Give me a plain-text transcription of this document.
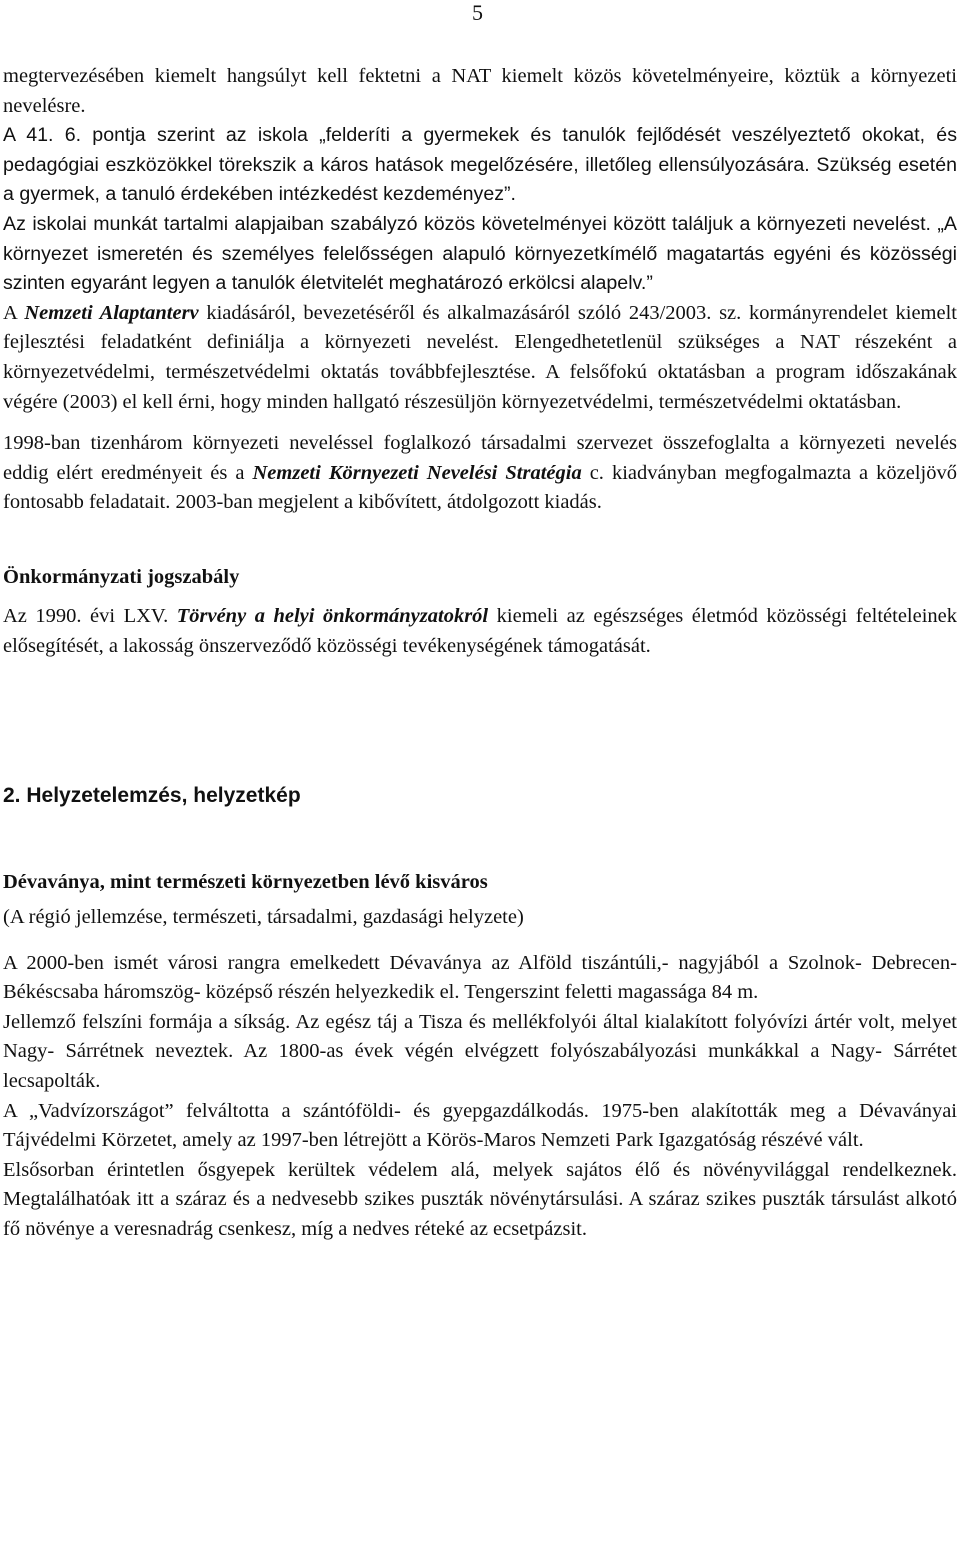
5

megtervezésében kiemelt hangsúlyt kell fektetni a NAT kiemelt közös követelményeire, köztük a környezeti nevelésre.

A 41. 6. pontja szerint az iskola „felderíti a gyermekek és tanulók fejlődését veszélyeztető okokat, és pedagógiai eszközökkel törekszik a káros hatások megelőzésére, illetőleg ellensúlyozására. Szükség esetén a gyermek, a tanuló érdekében intézkedést kezdeményez”.

Az iskolai munkát tartalmi alapjaiban szabályzó közös követelményei között találjuk a környezeti nevelést. „A környezet ismeretén és személyes felelősségen alapuló környezetkímélő magatartás egyéni és közösségi szinten egyaránt legyen a tanulók életvitelét meghatározó erkölcsi alapelv.”

A Nemzeti Alaptanterv kiadásáról, bevezetéséről és alkalmazásáról szóló 243/2003. sz. kormányrendelet kiemelt fejlesztési feladatként definiálja a környezeti nevelést. Elengedhetetlenül szükséges a NAT részeként a környezetvédelmi, természetvédelmi oktatás továbbfejlesztése. A felsőfokú oktatásban a program időszakának végére (2003) el kell érni, hogy minden hallgató részesüljön környezetvédelmi, természetvédelmi oktatásban.

1998-ban tizenhárom környezeti neveléssel foglalkozó társadalmi szervezet összefoglalta a környezeti nevelés eddig elért eredményeit és a Nemzeti Környezeti Nevelési Stratégia c. kiadványban megfogalmazta a közeljövő fontosabb feladatait. 2003-ban megjelent a kibővített, átdolgozott kiadás.

Önkormányzati jogszabály

Az 1990. évi LXV. Törvény a helyi önkormányzatokról kiemeli az egészséges életmód közösségi feltételeinek elősegítését, a lakosság önszerveződő közösségi tevékenységének támogatását.

2. Helyzetelemzés, helyzetkép
Dévaványa, mint természeti környezetben lévő kisváros

(A régió jellemzése, természeti, társadalmi, gazdasági helyzete)

A 2000-ben ismét városi rangra emelkedett Dévaványa az Alföld tiszántúli,- nagyjából a Szolnok- Debrecen- Békéscsaba háromszög- középső részén helyezkedik el. Tengerszint feletti magassága 84 m.

Jellemző felszíni formája a síkság. Az egész táj a Tisza és mellékfolyói által kialakított folyóvízi ártér volt, melyet Nagy- Sárrétnek neveztek. Az 1800-as évek végén elvégzett folyószabályozási munkákkal a Nagy- Sárrétet lecsapolták.

A „Vadvízországot” felváltotta a szántóföldi- és gyepgazdálkodás. 1975-ben alakították meg a Dévaványai Tájvédelmi Körzetet, amely az 1997-ben létrejött a Körös-Maros Nemzeti Park Igazgatóság részévé vált.

Elsősorban érintetlen ősgyepek kerültek védelem alá, melyek sajátos élő és növényvilággal rendelkeznek. Megtalálhatóak itt a száraz és a nedvesebb szikes puszták növénytársulási. A száraz szikes puszták társulást alkotó fő növénye a veresnadrág csenkesz, míg a nedves réteké az ecsetpázsit.
